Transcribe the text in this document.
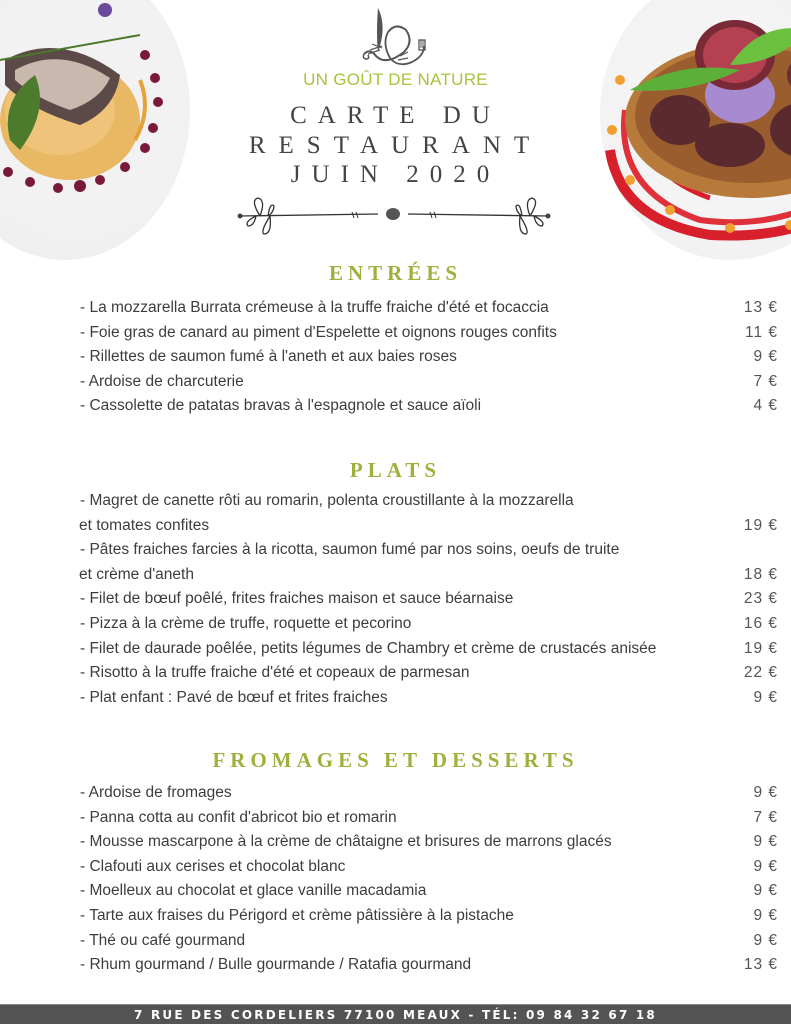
UN GOÛT DE NATURE
CARTE DU
RESTAURANT
JUIN 2020
ENTRÉES
- La mozzarella Burrata crémeuse à la truffe fraiche d'été et focaccia	13 €
- Foie gras de canard au piment d'Espelette et oignons rouges confits	11 €
- Rillettes de saumon fumé à l'aneth et aux baies roses	9 €
- Ardoise de charcuterie	7 €
- Cassolette de patatas bravas à l'espagnole et sauce aïoli	4 €
PLATS
- Magret de canette rôti au romarin, polenta croustillante à la mozzarella
et tomates confites	19 €
- Pâtes fraiches farcies à la ricotta, saumon fumé par nos soins, oeufs de truite
et crème d'aneth	18 €
- Filet de bœuf poêlé, frites fraiches maison et sauce béarnaise	23 €
- Pizza à la crème de truffe, roquette et pecorino	16 €
- Filet de daurade poêlée, petits légumes de Chambry et crème de crustacés anisée	19 €
- Risotto à la truffe fraiche d'été et copeaux de parmesan	22 €
- Plat enfant : Pavé de bœuf et frites fraiches	9 €
FROMAGES ET DESSERTS
- Ardoise de fromages	9 €
- Panna cotta au confit d'abricot bio et romarin	7 €
- Mousse mascarpone à la crème de châtaigne et brisures de marrons glacés	9 €
- Clafouti aux cerises et chocolat blanc	9 €
- Moelleux au chocolat et glace vanille macadamia	9 €
- Tarte aux fraises du Périgord et crème pâtissière à la pistache	9 €
- Thé ou café gourmand	9 €
- Rhum gourmand / Bulle gourmande / Ratafia gourmand	13 €
7 RUE DES CORDELIERS 77100 MEAUX - TÉL: 09 84 32 67 18
